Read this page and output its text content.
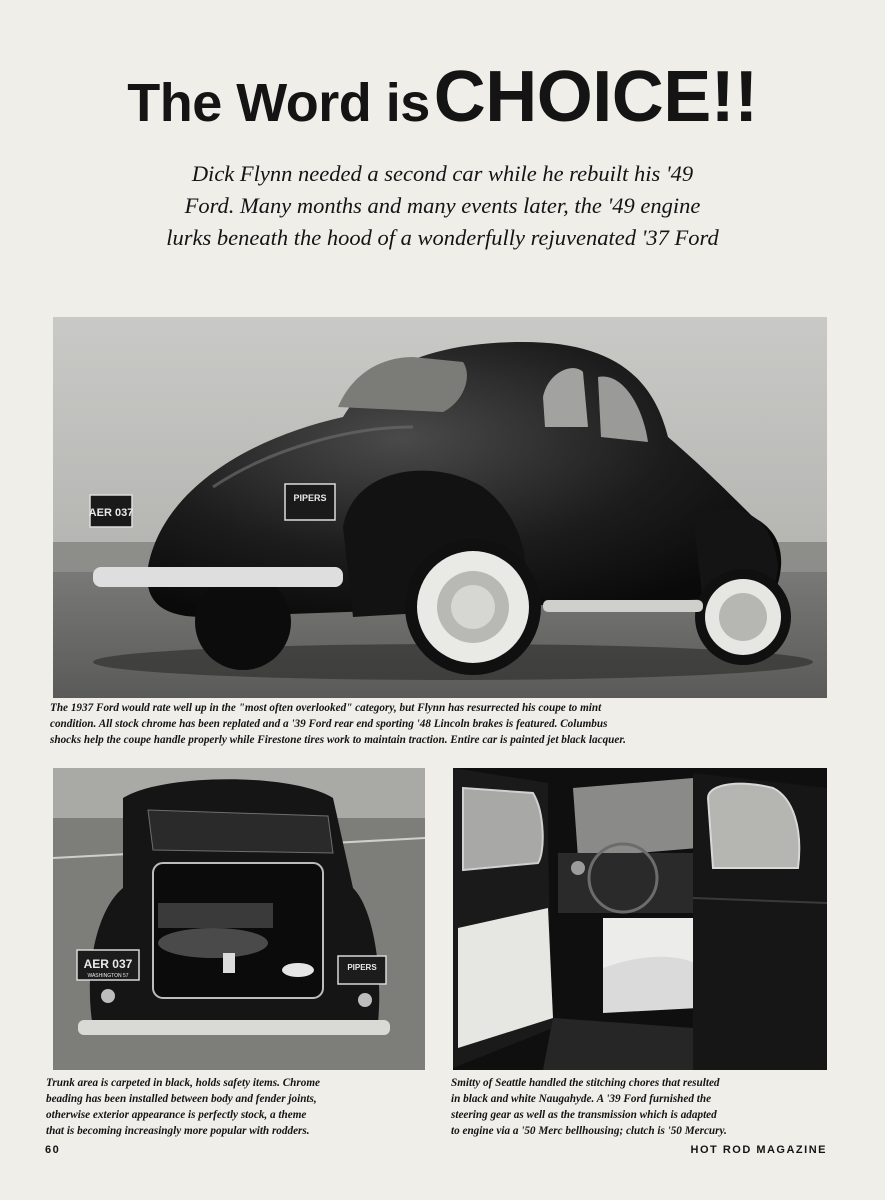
The Word is CHOICE!!
Dick Flynn needed a second car while he rebuilt his '49
Ford. Many months and many events later, the '49 engine
lurks beneath the hood of a wonderfully rejuvenated '37 Ford
AER 037
PIPERS
The 1937 Ford would rate well up in the "most often overlooked" category, but Flynn has resurrected his coupe to mint
condition. All stock chrome has been replated and a '39 Ford rear end sporting '48 Lincoln brakes is featured. Columbus
shocks help the coupe handle properly while Firestone tires work to maintain traction. Entire car is painted jet black lacquer.
AER 037
WASHINGTON 57
PIPERS
Trunk area is carpeted in black, holds safety items. Chrome
beading has been installed between body and fender joints,
otherwise exterior appearance is perfectly stock, a theme
that is becoming increasingly more popular with rodders.
Smitty of Seattle handled the stitching chores that resulted
in black and white Naugahyde. A '39 Ford furnished the
steering gear as well as the transmission which is adapted
to engine via a '50 Merc bellhousing; clutch is '50 Mercury.
60	HOT ROD MAGAZINE
